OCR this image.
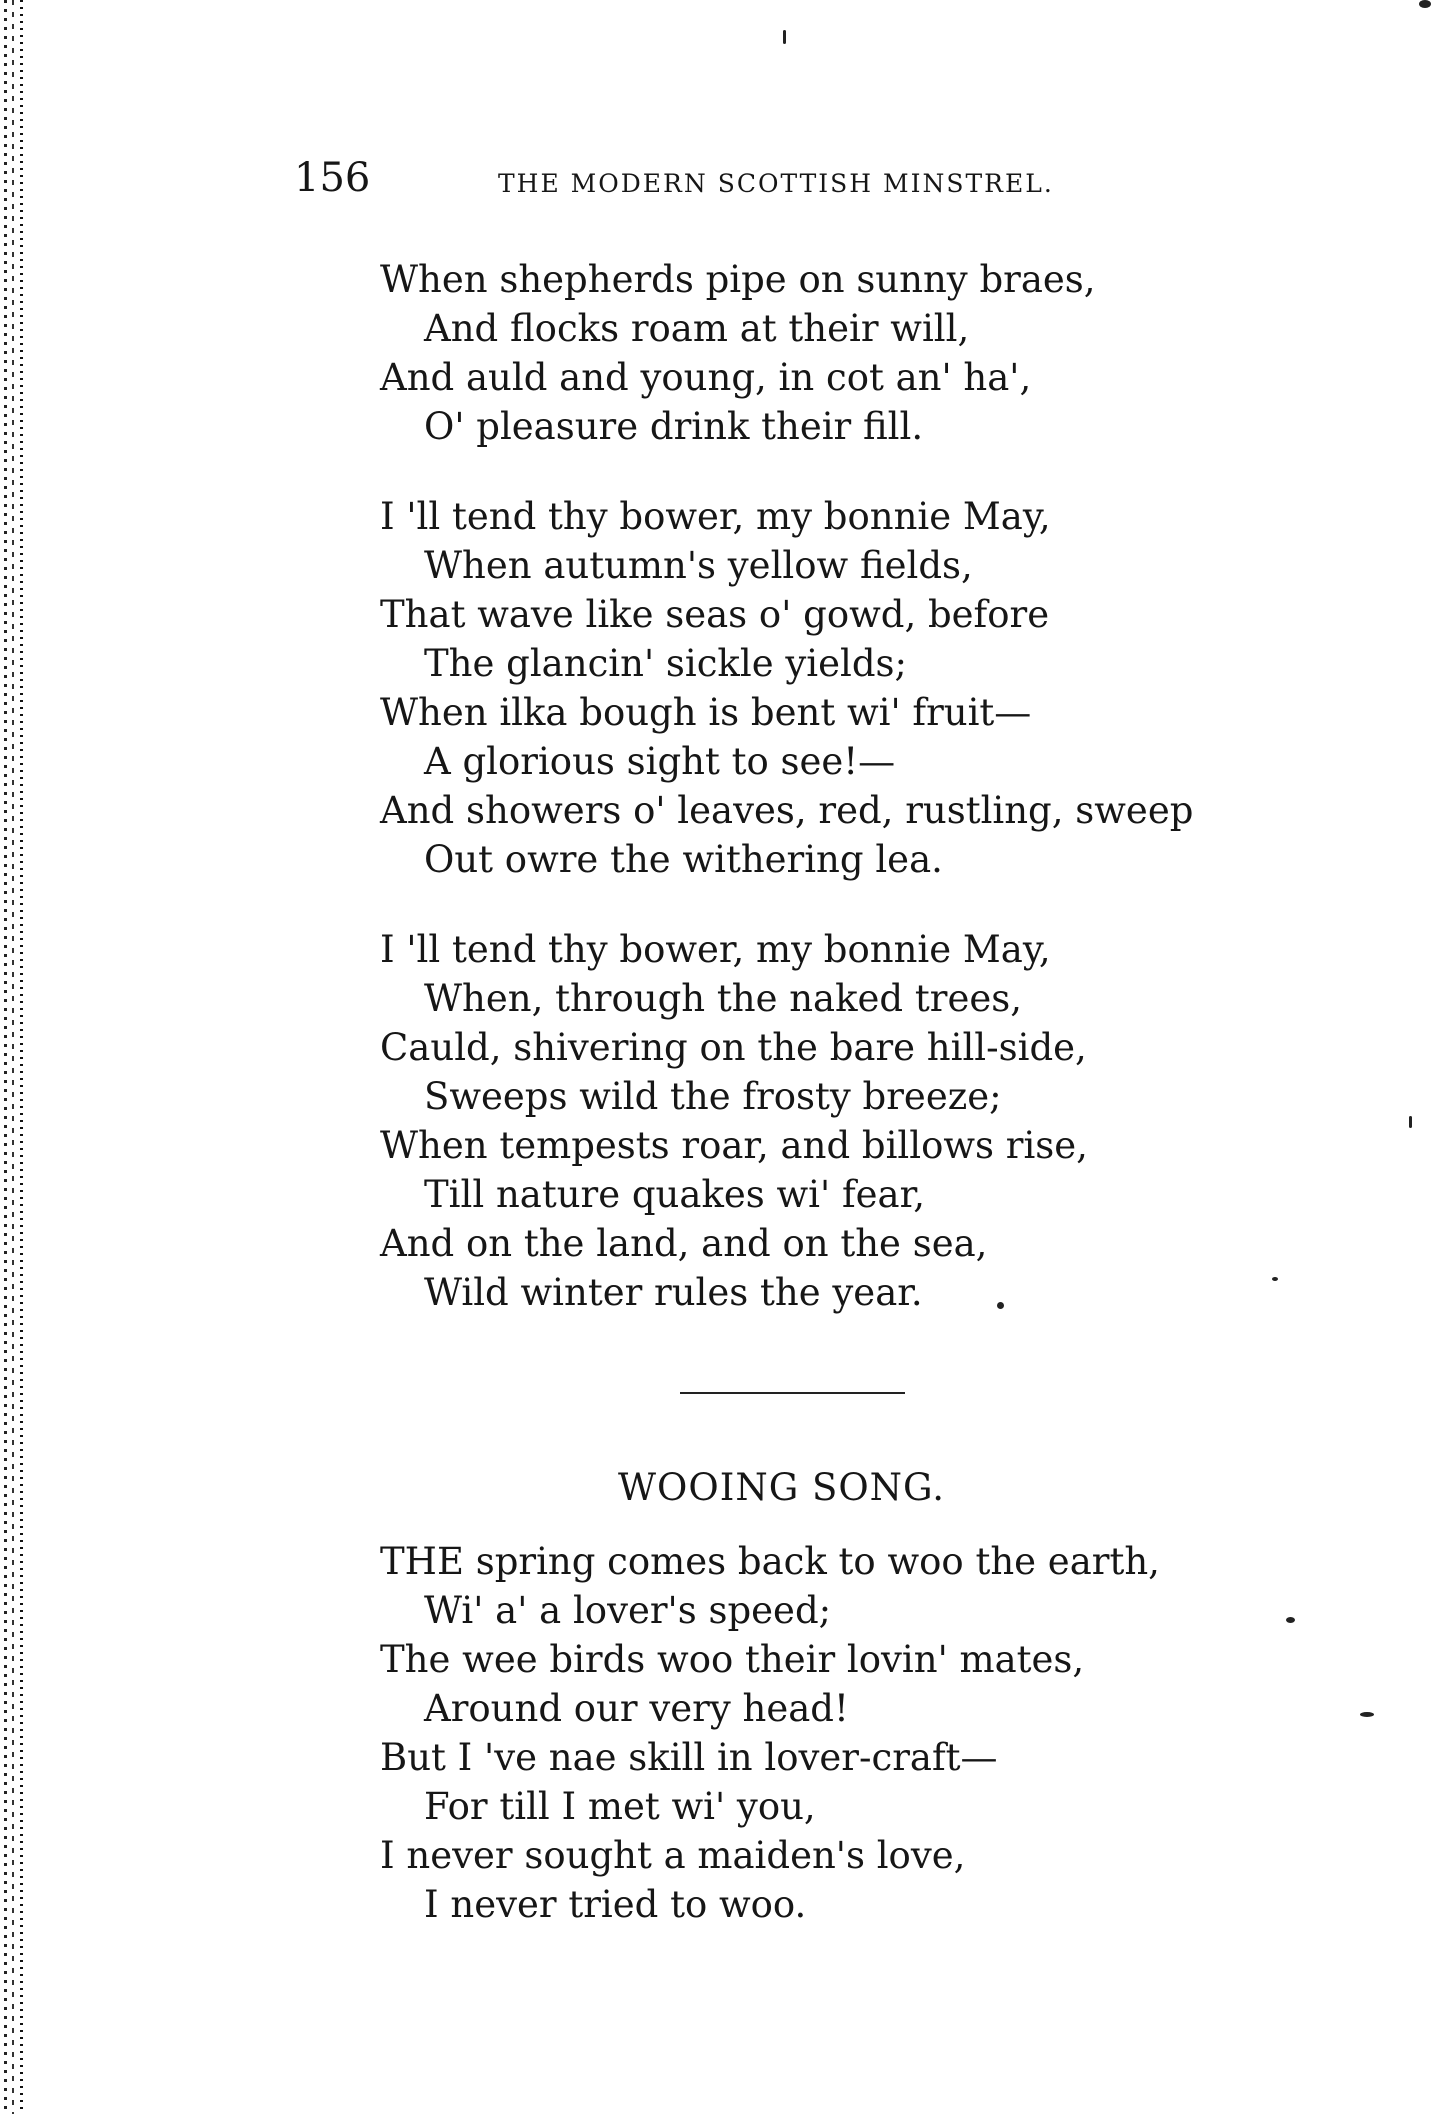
156	THE MODERN SCOTTISH MINSTREL.
When shepherds pipe on sunny braes,
And flocks roam at their will,
And auld and young, in cot an' ha',
O' pleasure drink their fill.
I 'll tend thy bower, my bonnie May,
When autumn's yellow fields,
That wave like seas o' gowd, before
The glancin' sickle yields;
When ilka bough is bent wi' fruit—
A glorious sight to see!—
And showers o' leaves, red, rustling, sweep
Out owre the withering lea.
I 'll tend thy bower, my bonnie May,
When, through the naked trees,
Cauld, shivering on the bare hill-side,
Sweeps wild the frosty breeze;
When tempests roar, and billows rise,
Till nature quakes wi' fear,
And on the land, and on the sea,
Wild winter rules the year.
WOOING SONG.
THE spring comes back to woo the earth,
Wi' a' a lover's speed;
The wee birds woo their lovin' mates,
Around our very head!
But I 've nae skill in lover-craft—
For till I met wi' you,
I never sought a maiden's love,
I never tried to woo.
